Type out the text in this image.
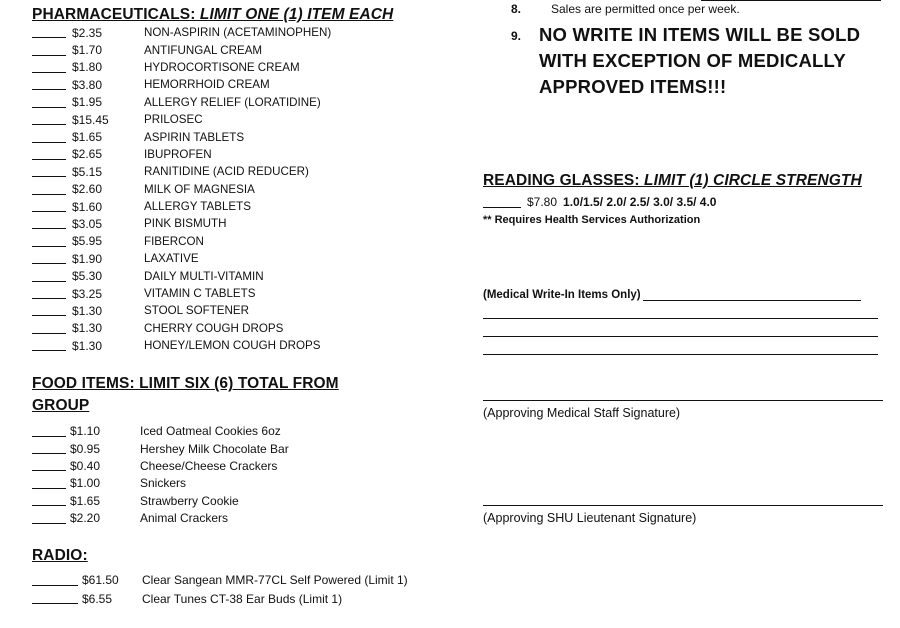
PHARMACEUTICALS: LIMIT ONE (1) ITEM EACH
$2.35	NON-ASPIRIN (ACETAMINOPHEN)
$1.70	ANTIFUNGAL CREAM
$1.80	HYDROCORTISONE CREAM
$3.80	HEMORRHOID CREAM
$1.95	ALLERGY RELIEF (LORATIDINE)
$15.45	PRILOSEC
$1.65	ASPIRIN TABLETS
$2.65	IBUPROFEN
$5.15	RANITIDINE (ACID REDUCER)
$2.60	MILK OF MAGNESIA
$1.60	ALLERGY TABLETS
$3.05	PINK BISMUTH
$5.95	FIBERCON
$1.90	LAXATIVE
$5.30	DAILY MULTI-VITAMIN
$3.25	VITAMIN C TABLETS
$1.30	STOOL SOFTENER
$1.30	CHERRY COUGH DROPS
$1.30	HONEY/LEMON COUGH DROPS
FOOD ITEMS: LIMIT SIX (6) TOTAL FROM
GROUP
$1.10	Iced Oatmeal Cookies 6oz
$0.95	Hershey Milk Chocolate Bar
$0.40	Cheese/Cheese Crackers
$1.00	Snickers
$1.65	Strawberry Cookie
$2.20	Animal Crackers
RADIO:
$61.50	Clear Sangean MMR-77CL Self Powered (Limit 1)
$6.55	Clear Tunes CT-38 Ear Buds (Limit 1)
8.	Sales are permitted once per week.
9. NO WRITE IN ITEMS WILL BE SOLD
WITH EXCEPTION OF MEDICALLY
APPROVED ITEMS!!!
READING GLASSES: LIMIT (1) CIRCLE STRENGTH
$7.80 1.0/1.5/ 2.0/ 2.5/ 3.0/ 3.5/ 4.0
** Requires Health Services Authorization
(Medical Write-In Items Only)
(Approving Medical Staff Signature)
(Approving SHU Lieutenant Signature)
